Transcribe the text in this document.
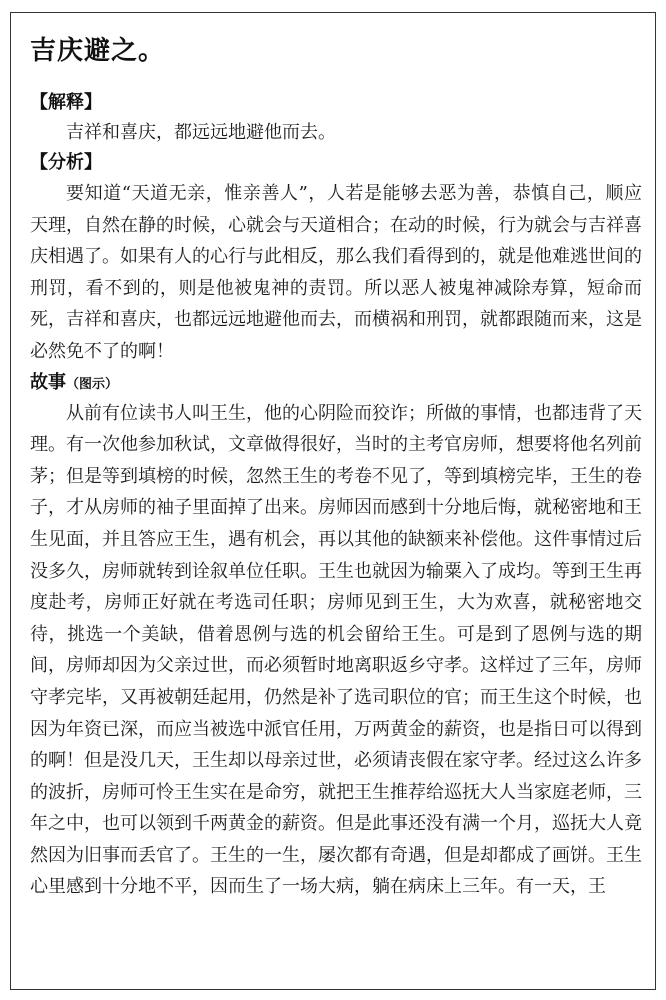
吉庆避之。
【解释】

吉祥和喜庆，都远远地避他而去。

【分析】

要知道“天道无亲，惟亲善人”，人若是能够去恶为善，恭慎自己，顺应天理，自然在静的时候，心就会与天道相合；在动的时候，行为就会与吉祥喜庆相遇了。如果有人的心行与此相反，那么我们看得到的，就是他难逃世间的刑罚，看不到的，则是他被鬼神的责罚。所以恶人被鬼神减除寿算，短命而死，吉祥和喜庆，也都远远地避他而去，而横祸和刑罚，就都跟随而来，这是必然免不了的啊！

故事（图示）

从前有位读书人叫王生，他的心阴险而狡诈；所做的事情，也都违背了天理。有一次他参加秋试，文章做得很好，当时的主考官房师，想要将他名列前茅；但是等到填榜的时候，忽然王生的考卷不见了，等到填榜完毕，王生的卷子，才从房师的袖子里面掉了出来。房师因而感到十分地后悔，就秘密地和王生见面，并且答应王生，遇有机会，再以其他的缺额来补偿他。这件事情过后没多久，房师就转到诠叙单位任职。王生也就因为输粟入了成均。等到王生再度赴考，房师正好就在考选司任职；房师见到王生，大为欢喜，就秘密地交待，挑选一个美缺，借着恩例与选的机会留给王生。可是到了恩例与选的期间，房师却因为父亲过世，而必须暂时地离职返乡守孝。这样过了三年，房师守孝完毕，又再被朝廷起用，仍然是补了选司职位的官；而王生这个时候，也因为年资已深，而应当被选中派官任用，万两黄金的薪资，也是指日可以得到的啊！但是没几天，王生却以母亲过世，必须请丧假在家守孝。经过这么许多的波折，房师可怜王生实在是命穷，就把王生推荐给巡抚大人当家庭老师，三年之中，也可以领到千两黄金的薪资。但是此事还没有满一个月，巡抚大人竟然因为旧事而丢官了。王生的一生，屡次都有奇遇，但是却都成了画饼。王生心里感到十分地不平，因而生了一场大病，躺在病床上三年。有一天，王
